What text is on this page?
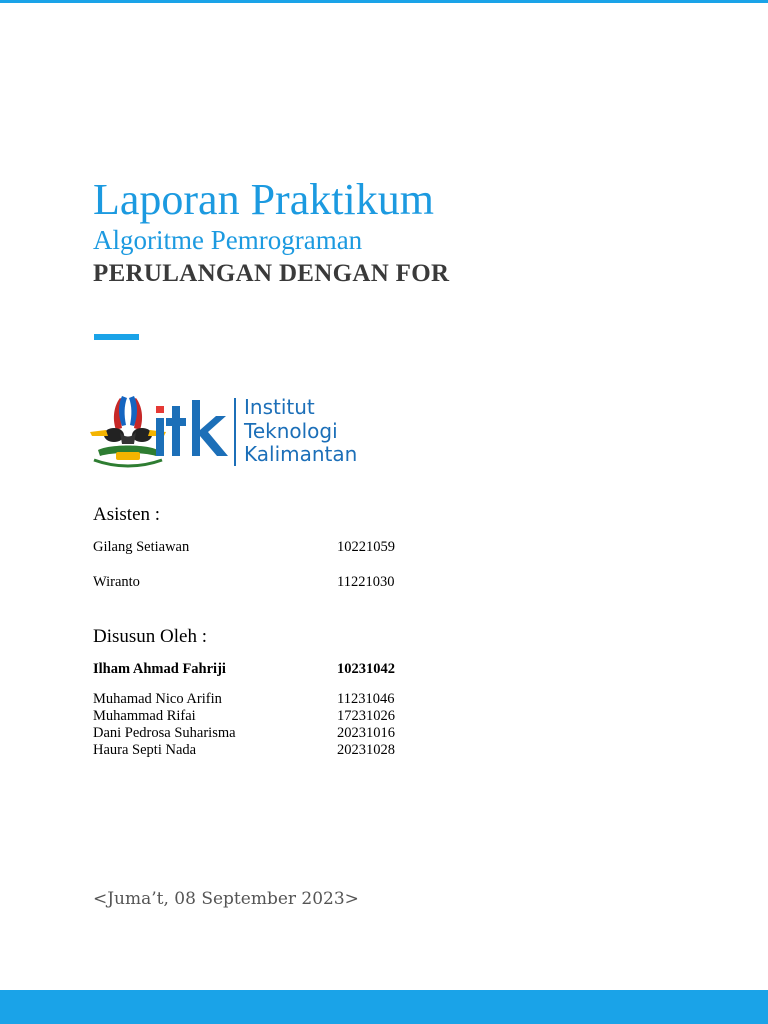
Laporan Praktikum
Algoritme Pemrograman
PERULANGAN DENGAN FOR
Institut
Teknologi
Kalimantan
Asisten :
Gilang Setiawan	10221059
Wiranto	11221030
Disusun Oleh :
Ilham Ahmad Fahriji	10231042
Muhamad Nico Arifin	11231046
Muhammad Rifai	17231026
Dani Pedrosa Suharisma	20231016
Haura Septi Nada	20231028
<Juma’t, 08 September 2023>
